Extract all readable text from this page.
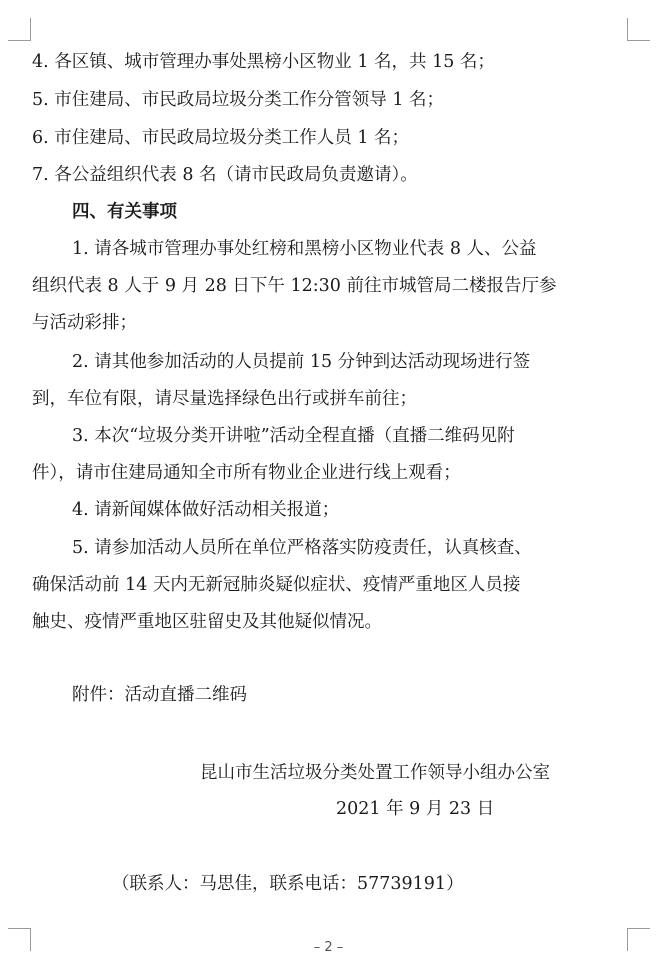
4. 各区镇、城市管理办事处黑榜小区物业 1 名，共 15 名；
5. 市住建局、市民政局垃圾分类工作分管领导 1 名；
6. 市住建局、市民政局垃圾分类工作人员 1 名；
7. 各公益组织代表 8 名（请市民政局负责邀请）。
四、有关事项
1. 请各城市管理办事处红榜和黑榜小区物业代表 8 人、公益
组织代表 8 人于 9 月 28 日下午 12:30 前往市城管局二楼报告厅参
与活动彩排；
2. 请其他参加活动的人员提前 15 分钟到达活动现场进行签
到，车位有限，请尽量选择绿色出行或拼车前往；
3. 本次“垃圾分类开讲啦”活动全程直播（直播二维码见附
件），请市住建局通知全市所有物业企业进行线上观看；
4. 请新闻媒体做好活动相关报道；
5. 请参加活动人员所在单位严格落实防疫责任，认真核查、
确保活动前 14 天内无新冠肺炎疑似症状、疫情严重地区人员接
触史、疫情严重地区驻留史及其他疑似情况。
附件：活动直播二维码
昆山市生活垃圾分类处置工作领导小组办公室
2021 年 9 月 23 日
（联系人：马思佳，联系电话：57739191）
– 2 –
